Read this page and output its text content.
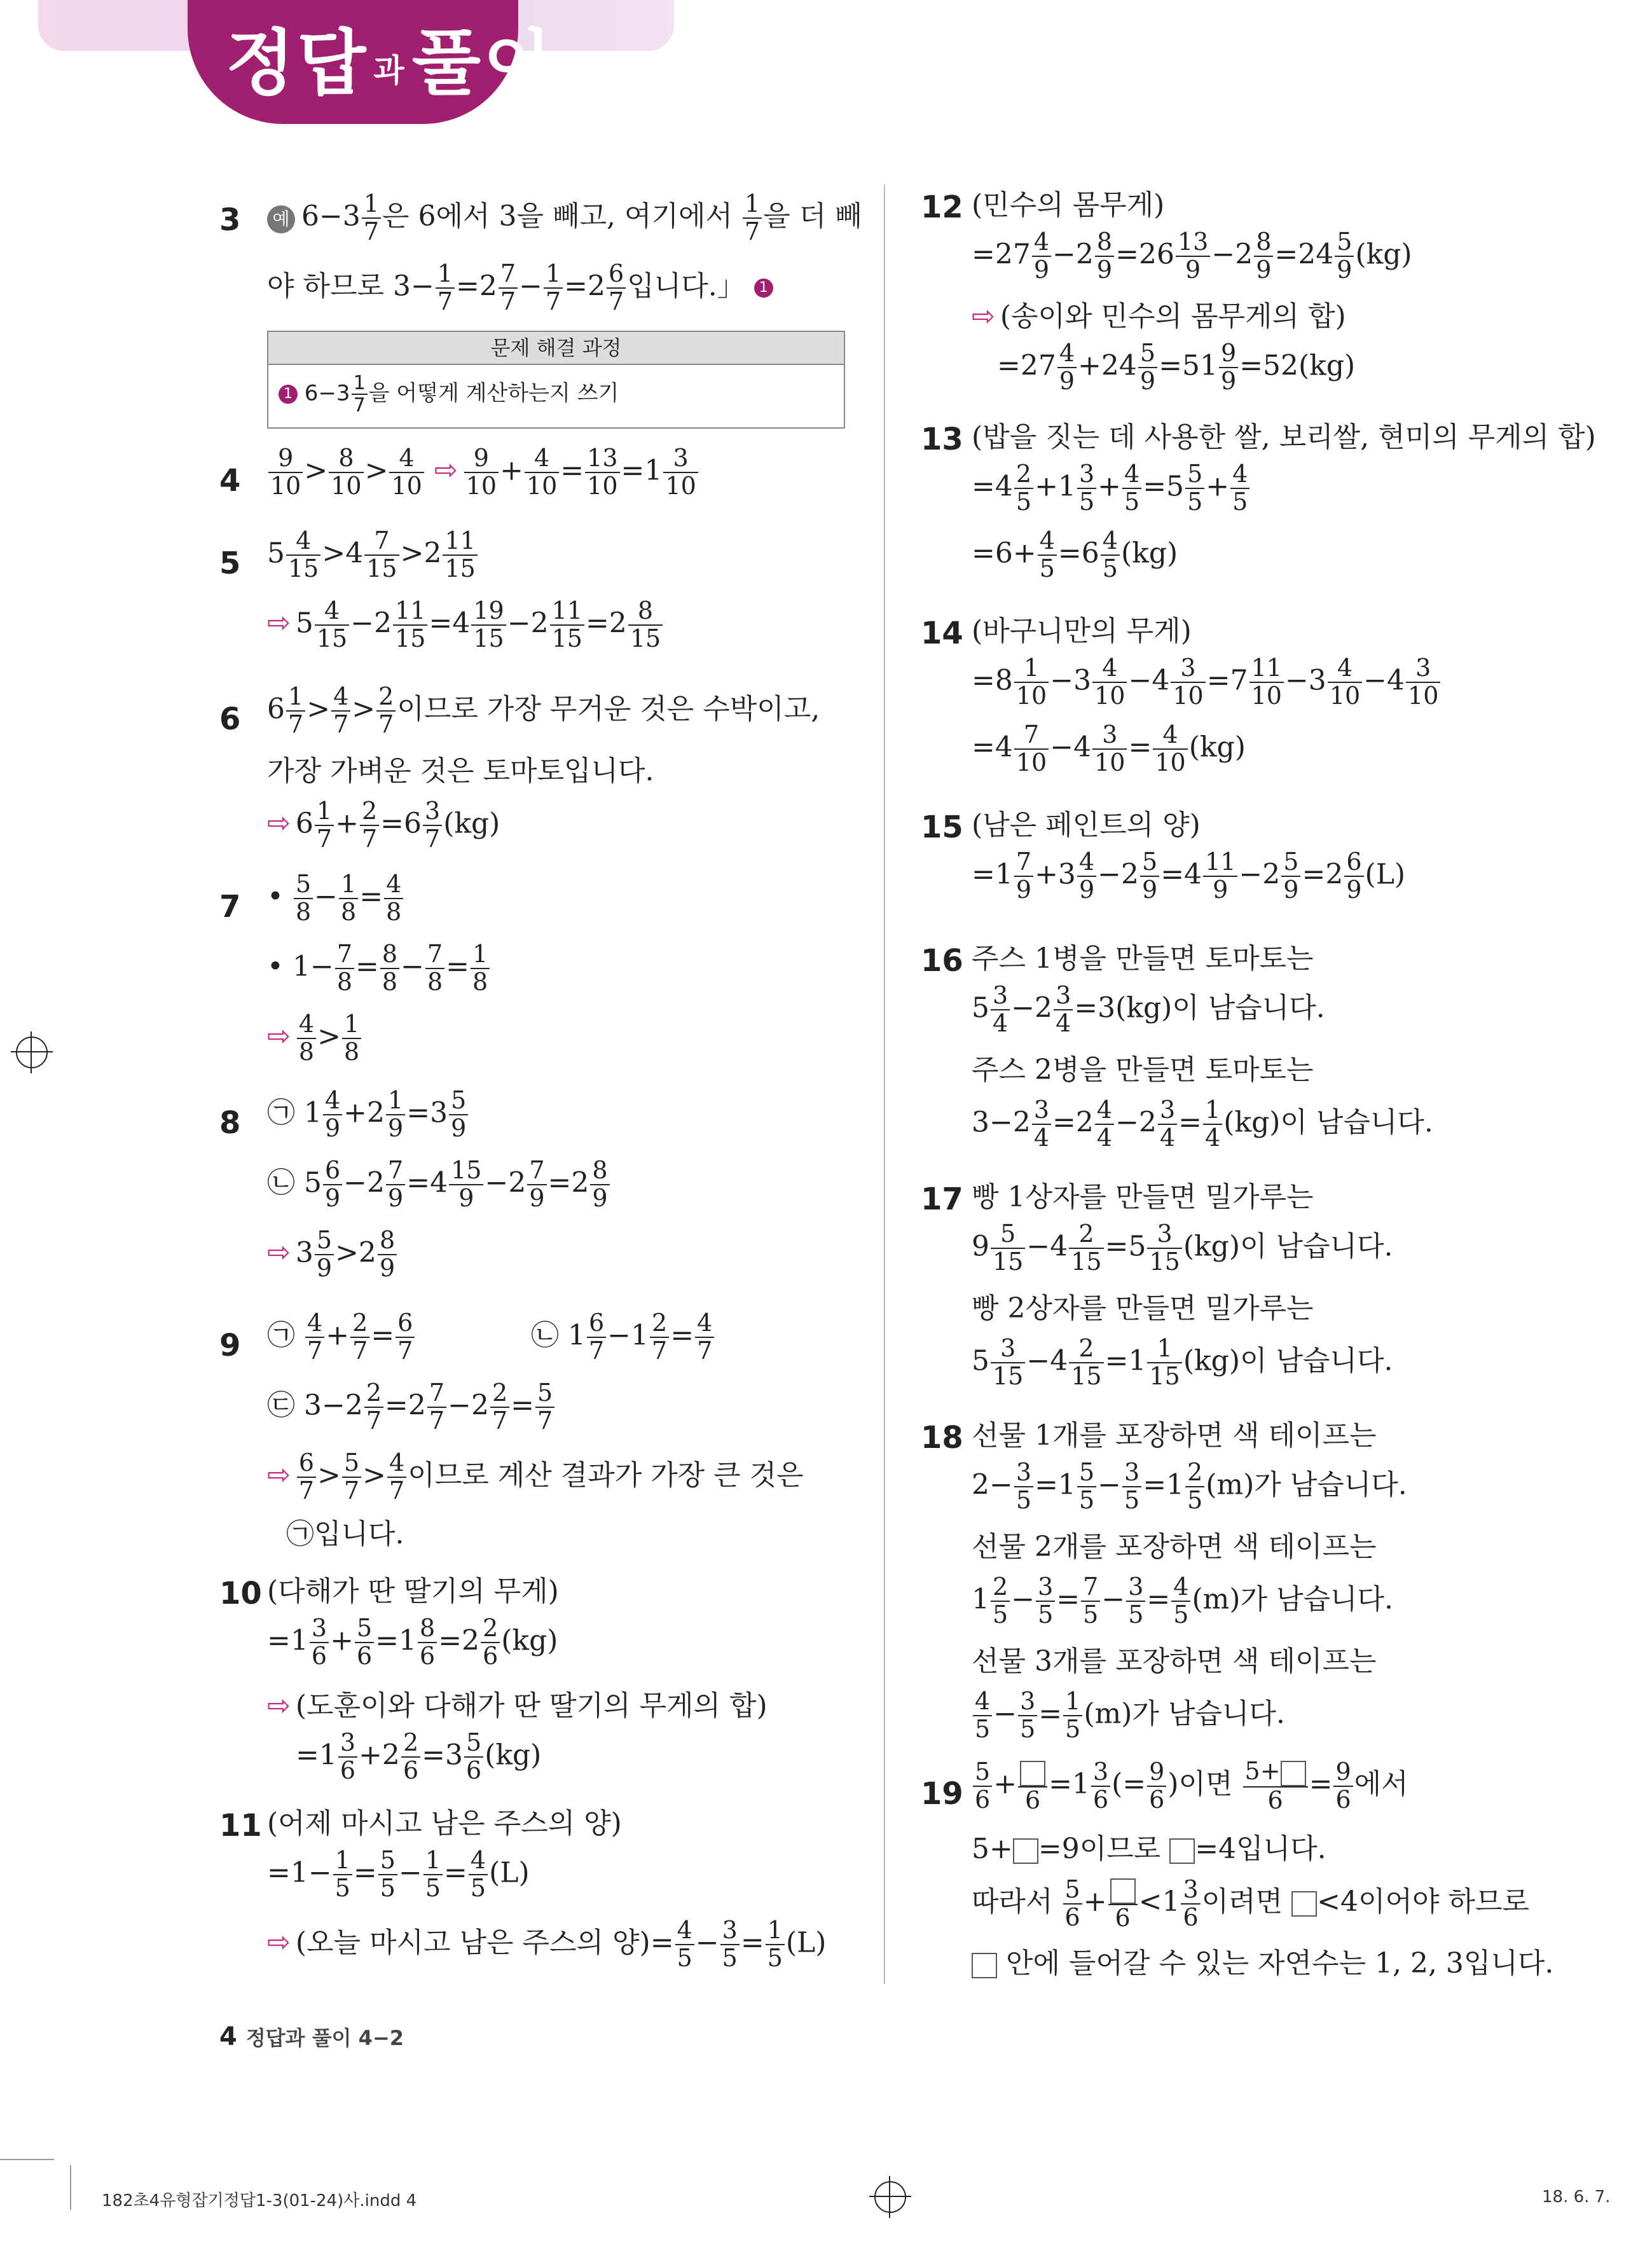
정답 과풀이
3	예 $6-3 \frac{1}{7}$ 은 6에서 3을 빼고, 여기에서 $\frac{1}{7}$ 을 더 빼
야 하므로 $3- \frac{1}{7} =2 \frac{7}{7} - \frac{1}{7} =2 \frac{6}{7}$ 입니다.」 1
문제 해결 과정
1 $6-3 \frac{1}{7}$ 을 어떻게 계산하는지 쓰기
$4 \frac{9}{10} > \frac{8}{10} > \frac{4}{10}$ ⇨ $\frac{9}{10} + \frac{4}{10} = \frac{13}{10} =1 \frac{3}{10}$
5 $5 \frac{4}{15} >4 \frac{7}{15} >2 \frac{11}{15}$
⇨ $5 \frac{4}{15} -2 \frac{11}{15} =4 \frac{19}{15} -2 \frac{11}{15} =2 \frac{8}{15}$
6 $6 \frac{1}{7} > \frac{4}{7} > \frac{2}{7}$ 이므로 가장 무거운 것은 수박이고,
가장 가벼운 것은 토마토입니다.
⇨ $6 \frac{1}{7} + \frac{2}{7} =6 \frac{3}{7} (kg)$
7 • $\frac{5}{8} - \frac{1}{8} = \frac{4}{8}$
• $1- \frac{7}{8} = \frac{8}{8} - \frac{7}{8} = \frac{1}{8}$
⇨ $\frac{4}{8} > \frac{1}{8}$
8 ㉠ $1 \frac{4}{9} +2 \frac{1}{9} =3 \frac{5}{9}$
㉡ $5 \frac{6}{9} -2 \frac{7}{9} =4 \frac{15}{9} -2 \frac{7}{9} =2 \frac{8}{9}$
⇨ $3 \frac{5}{9} >2 \frac{8}{9}$
9 ㉠ $\frac{4}{7} + \frac{2}{7} = \frac{6}{7}$	㉡ $1 \frac{6}{7} -1 \frac{2}{7} = \frac{4}{7}$
㉢ $3-2 \frac{2}{7} =2 \frac{7}{7} -2 \frac{2}{7} = \frac{5}{7}$
⇨ $\frac{6}{7} > \frac{5}{7} > \frac{4}{7}$ 이므로 계산 결과가 가장 큰 것은
㉠입니다.
10 (다해가 딴 딸기의 무게)
$=1 \frac{3}{6} + \frac{5}{6} =1 \frac{8}{6} =2 \frac{2}{6} (kg)$
⇨ (도훈이와 다해가 딴 딸기의 무게의 합)
$=1 \frac{3}{6} +2 \frac{2}{6} =3 \frac{5}{6} (kg)$
11 (어제 마시고 남은 주스의 양)
$=1- \frac{1}{5} = \frac{5}{5} - \frac{1}{5} = \frac{4}{5} (L)$
⇨ (오늘 마시고 남은 주스의 양)= $\frac{4}{5} - \frac{3}{5} = \frac{1}{5} (L)$
12 (민수의 몸무게)
$=27 \frac{4}{9} -2 \frac{8}{9} =26 \frac{13}{9} -2 \frac{8}{9} =24 \frac{5}{9} (kg)$
⇨ (송이와 민수의 몸무게의 합)
$=27 \frac{4}{9} +24 \frac{5}{9} =51 \frac{9}{9} =52(kg)$
13 (밥을 짓는 데 사용한 쌀, 보리쌀, 현미의 무게의 합)
$=4 \frac{2}{5} +1 \frac{3}{5} + \frac{4}{5} =5 \frac{5}{5} + \frac{4}{5}$
$=6+ \frac{4}{5} =6 \frac{4}{5} (kg)$
14 (바구니만의 무게)
$=8 \frac{1}{10} -3 \frac{4}{10} -4 \frac{3}{10} =7 \frac{11}{10} -3 \frac{4}{10} -4 \frac{3}{10}$
$=4 \frac{7}{10} -4 \frac{3}{10} = \frac{4}{10} (kg)$
15 (남은 페인트의 양)
$=1 \frac{7}{9} +3 \frac{4}{9} -2 \frac{5}{9} =4 \frac{11}{9} -2 \frac{5}{9} =2 \frac{6}{9} (L)$
16 주스 1병을 만들면 토마토는
$5 \frac{3}{4} -2 \frac{3}{4} =3(kg)$이 남습니다.
주스 2병을 만들면 토마토는
$3-2 \frac{3}{4} =2 \frac{4}{4} -2 \frac{3}{4} = \frac{1}{4} (kg)$이 남습니다.
17 빵 1상자를 만들면 밀가루는
$9 \frac{5}{15} -4 \frac{2}{15} =5 \frac{3}{15} (kg)$이 남습니다.
빵 2상자를 만들면 밀가루는
$5 \frac{3}{15} -4 \frac{2}{15} =1 \frac{1}{15} (kg)$이 남습니다.
18 선물 1개를 포장하면 색 테이프는
$2- \frac{3}{5} =1 \frac{5}{5} - \frac{3}{5} =1 \frac{2}{5} (m)$가 남습니다.
선물 2개를 포장하면 색 테이프는
$1 \frac{2}{5} - \frac{3}{5} = \frac{7}{5} - \frac{3}{5} = \frac{4}{5} (m)$가 남습니다.
선물 3개를 포장하면 색 테이프는
$\frac{4}{5} - \frac{3}{5} = \frac{1}{5} (m)$가 남습니다.
$19 \frac{5}{6} + 6 =1 \frac{3}{6}$ (= $\frac{9}{6}$ )이면 $\frac{5+}{6} = \frac{9}{6}$ 에서
5+ =9이므로 =4입니다.
따라서 $\frac{5}{6} + 6 <1 \frac{3}{6}$ 이려면 <4이어야 하므로
안에 들어갈 수 있는 자연수는 1, 2, 3입니다.
4 정답과 풀이 4−2
182초4유형잡기정답1-3(01-24)사.indd 4	18. 6. 7.
